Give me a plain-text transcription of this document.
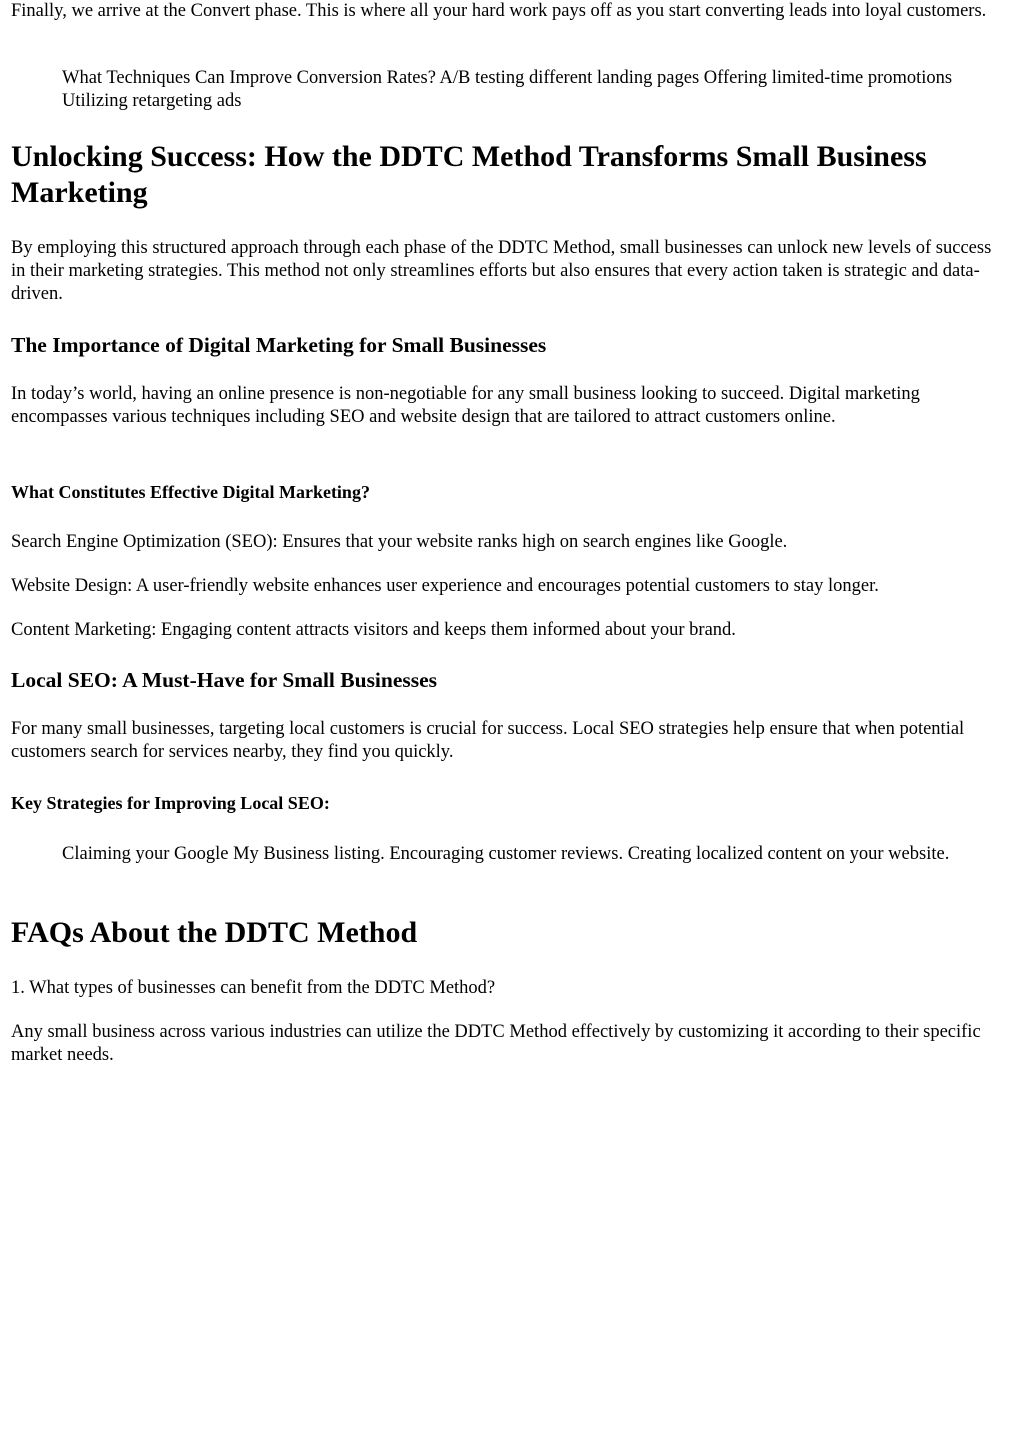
Finally, we arrive at the Convert phase. This is where all your hard work pays off as you start converting leads into loyal customers.

What Techniques Can Improve Conversion Rates? A/B testing different landing pages Offering limited-time promotions Utilizing retargeting ads
Unlocking Success: How the DDTC Method Transforms Small Business Marketing

By employing this structured approach through each phase of the DDTC Method, small businesses can unlock new levels of success in their marketing strategies. This method not only streamlines efforts but also ensures that every action taken is strategic and data-driven.

The Importance of Digital Marketing for Small Businesses

In today’s world, having an online presence is non-negotiable for any small business looking to succeed. Digital marketing encompasses various techniques including SEO and website design that are tailored to attract customers online.

What Constitutes Effective Digital Marketing?

Search Engine Optimization (SEO): Ensures that your website ranks high on search engines like Google.

Website Design: A user-friendly website enhances user experience and encourages potential customers to stay longer.

Content Marketing: Engaging content attracts visitors and keeps them informed about your brand.

Local SEO: A Must-Have for Small Businesses

For many small businesses, targeting local customers is crucial for success. Local SEO strategies help ensure that when potential customers search for services nearby, they find you quickly.

Key Strategies for Improving Local SEO:
Claiming your Google My Business listing. Encouraging customer reviews. Creating localized content on your website.
FAQs About the DDTC Method

1. What types of businesses can benefit from the DDTC Method?

Any small business across various industries can utilize the DDTC Method effectively by customizing it according to their specific market needs.
